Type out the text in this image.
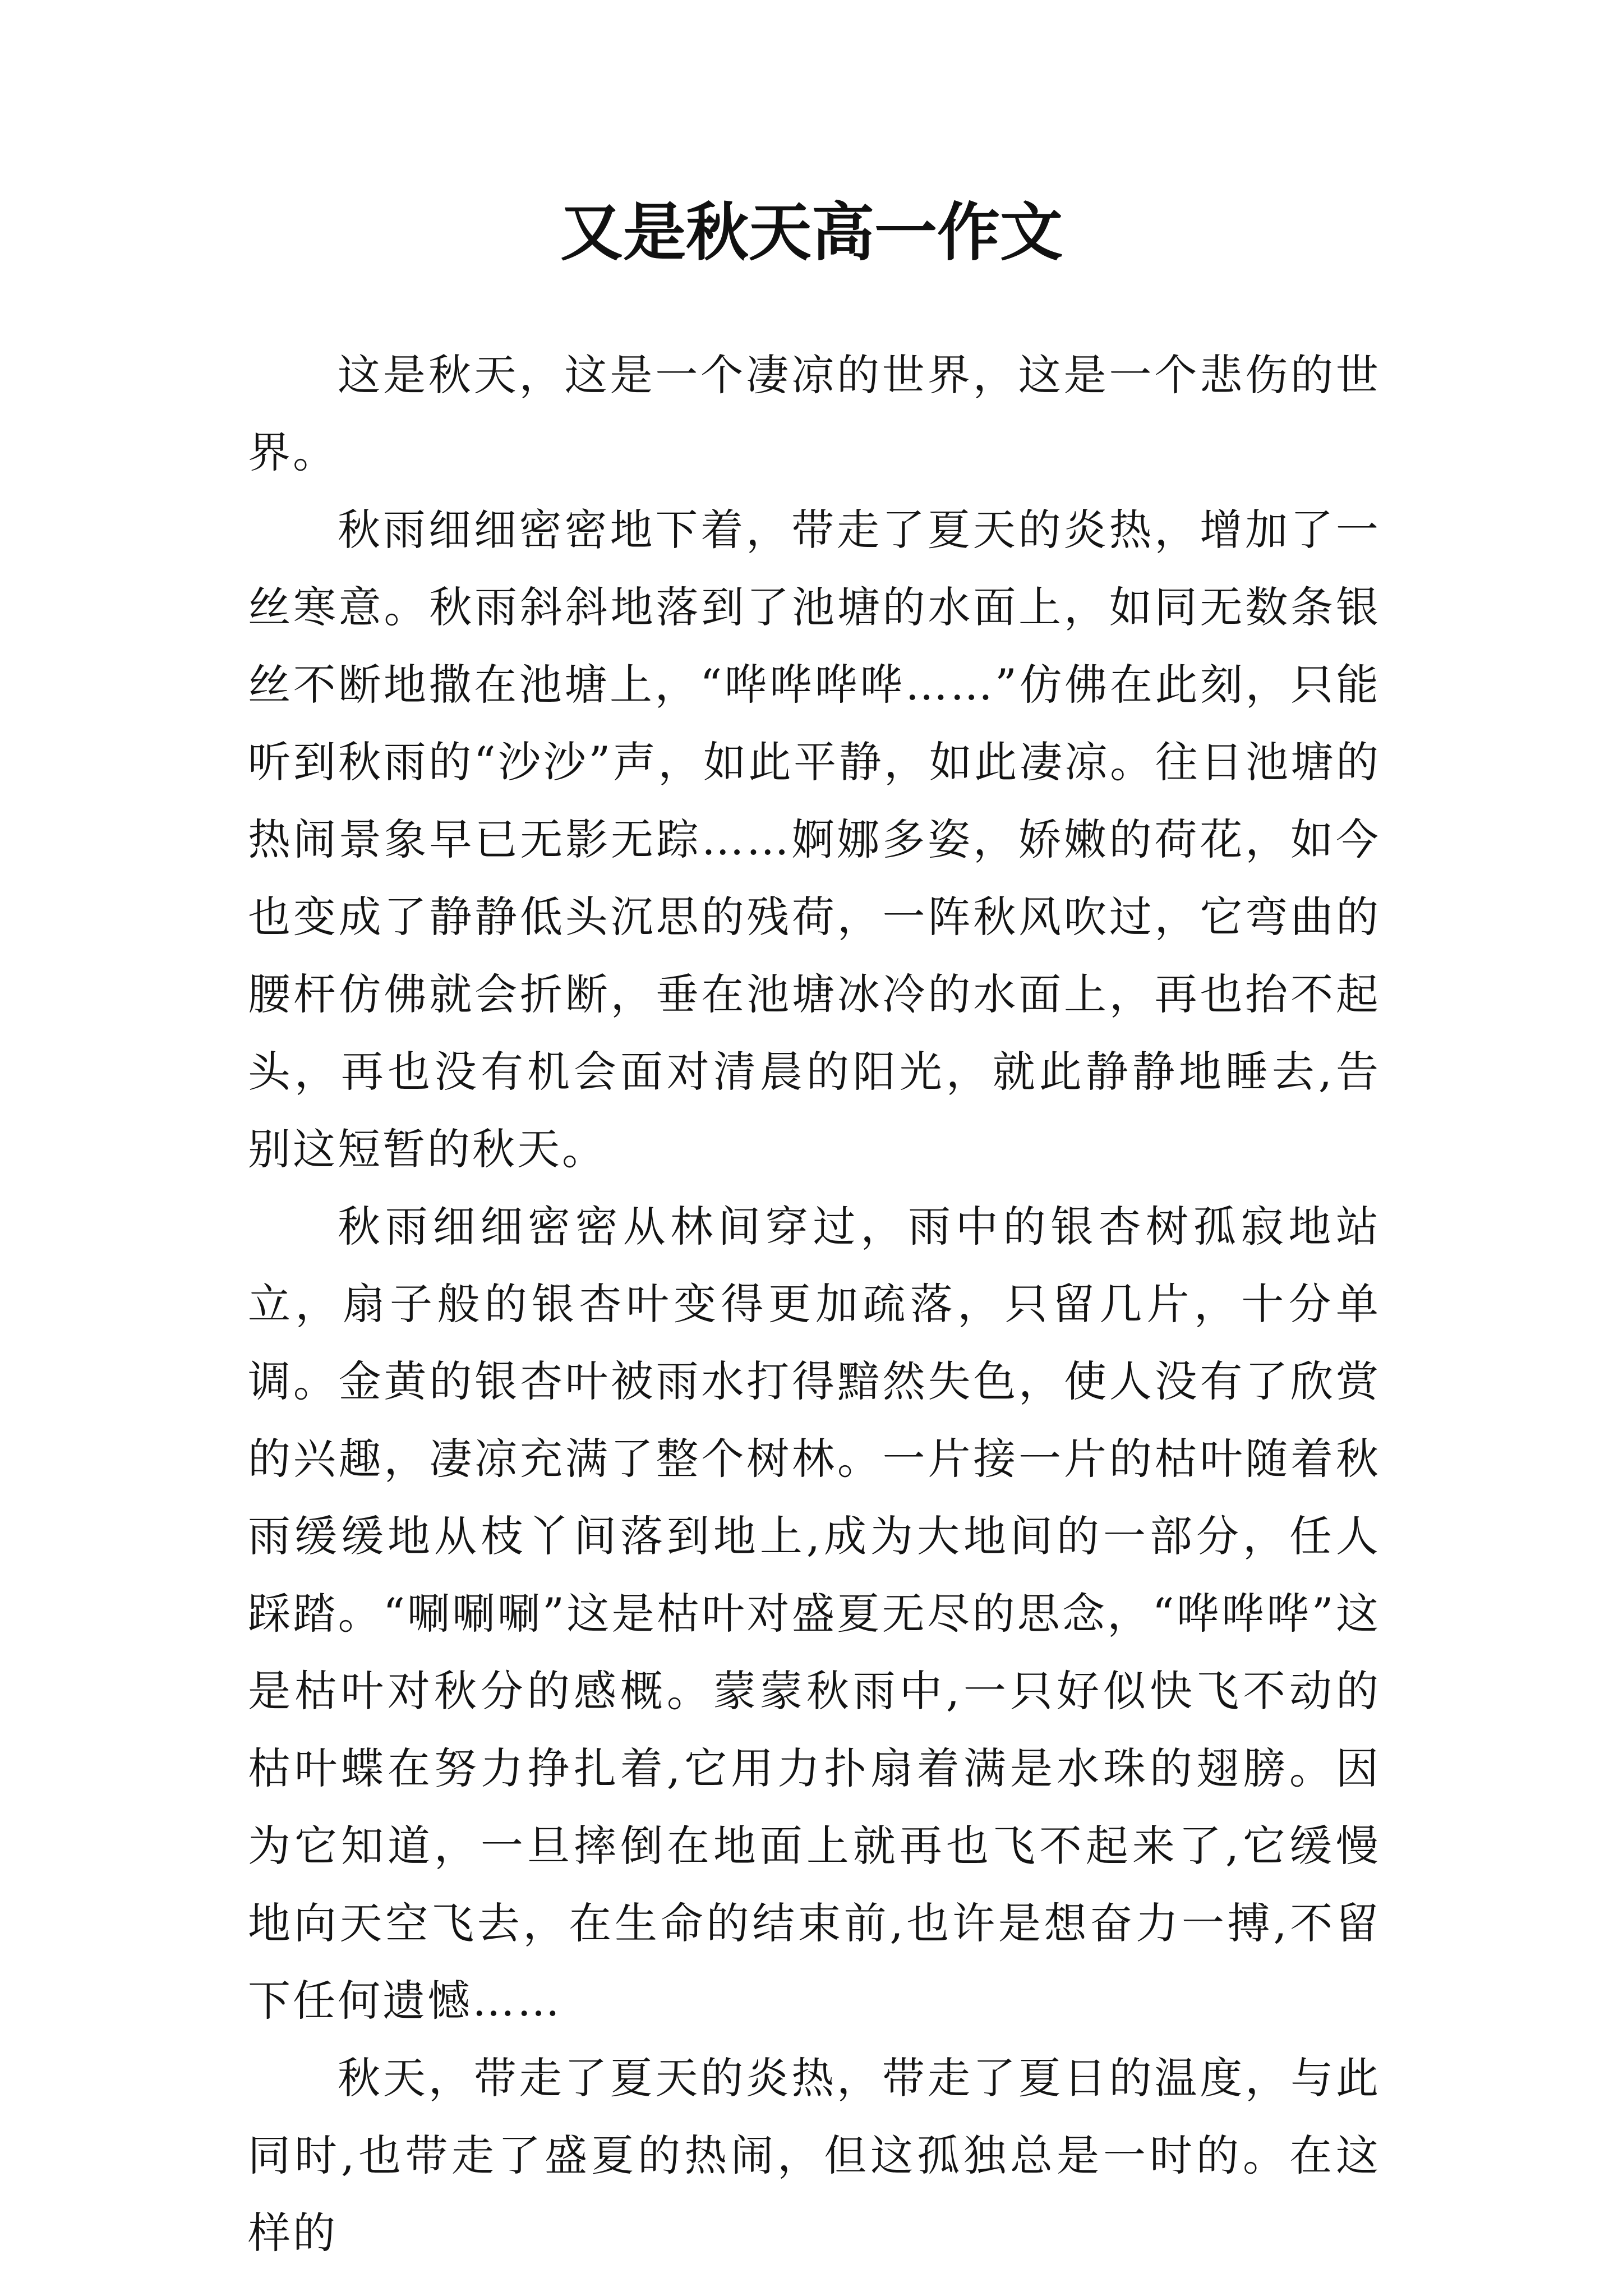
又是秋天高一作文

这是秋天，这是一个凄凉的世界，这是一个悲伤的世界。

秋雨细细密密地下着，带走了夏天的炎热，增加了一丝寒意。秋雨斜斜地落到了池塘的水面上，如同无数条银丝不断地撒在池塘上，“哗哗哗哗……”仿佛在此刻，只能听到秋雨的“沙沙”声，如此平静，如此凄凉。往日池塘的热闹景象早已无影无踪……婀娜多姿，娇嫩的荷花，如今也变成了静静低头沉思的残荷，一阵秋风吹过，它弯曲的腰杆仿佛就会折断，垂在池塘冰冷的水面上，再也抬不起头，再也没有机会面对清晨的阳光，就此静静地睡去,告别这短暂的秋天。

秋雨细细密密从林间穿过，雨中的银杏树孤寂地站立，扇子般的银杏叶变得更加疏落，只留几片，十分单调。金黄的银杏叶被雨水打得黯然失色，使人没有了欣赏的兴趣，凄凉充满了整个树林。一片接一片的枯叶随着秋雨缓缓地从枝丫间落到地上,成为大地间的一部分，任人踩踏。“唰唰唰”这是枯叶对盛夏无尽的思念，“哗哗哗”这是枯叶对秋分的感概。蒙蒙秋雨中,一只好似快飞不动的枯叶蝶在努力挣扎着,它用力扑扇着满是水珠的翅膀。因为它知道，一旦摔倒在地面上就再也飞不起来了,它缓慢地向天空飞去，在生命的结束前,也许是想奋力一搏,不留下任何遗憾……

秋天，带走了夏天的炎热，带走了夏日的温度，与此同时,也带走了盛夏的热闹，但这孤独总是一时的。在这样的
